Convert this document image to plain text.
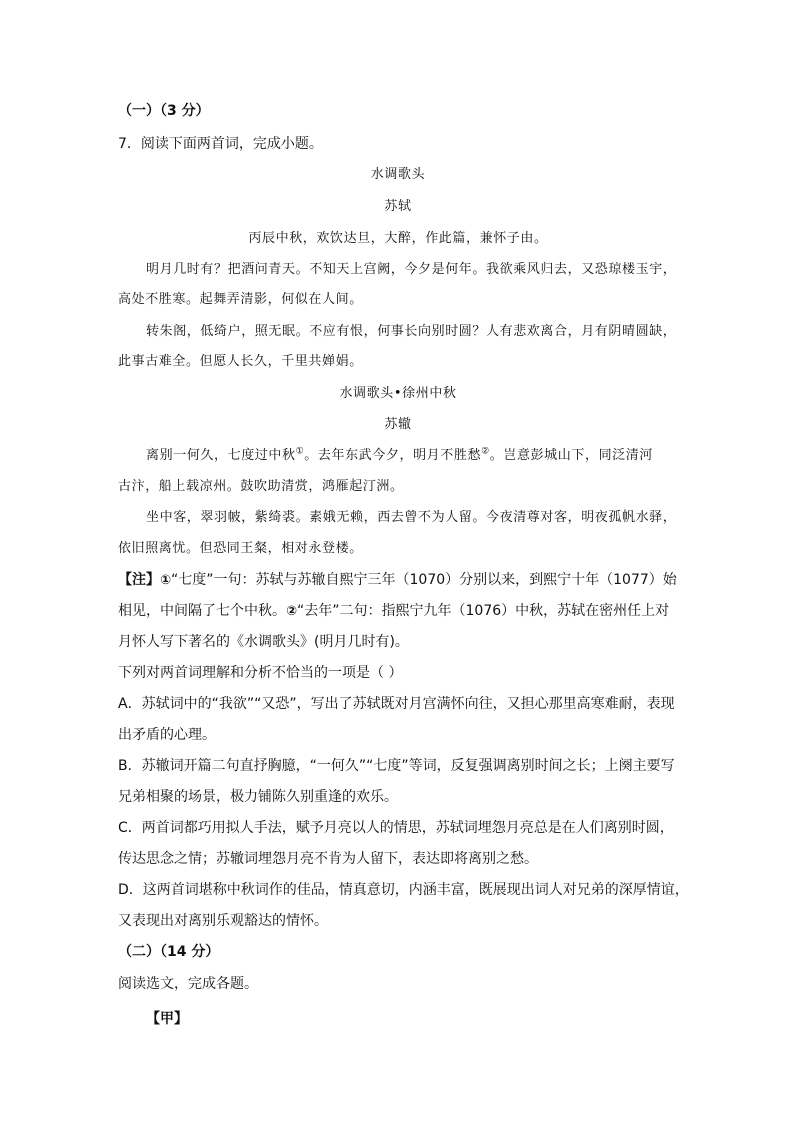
（一）（3 分）
7．阅读下面两首词，完成小题。
水调歌头
苏轼
丙辰中秋，欢饮达旦，大醉，作此篇，兼怀子由。
明月几时有？把酒问青天。不知天上宫阙，今夕是何年。我欲乘风归去，又恐琼楼玉宇，
高处不胜寒。起舞弄清影，何似在人间。
转朱阁，低绮户，照无眠。不应有恨，何事长向别时圆？人有悲欢离合，月有阴晴圆缺，
此事古难全。但愿人长久，千里共婵娟。
水调歌头•徐州中秋
苏辙
离别一何久，七度过中秋①。去年东武今夕，明月不胜愁②。岂意彭城山下，同泛清河
古汴，船上载凉州。鼓吹助清赏，鸿雁起汀洲。
坐中客，翠羽帔，紫绮裘。素娥无赖，西去曾不为人留。今夜清尊对客，明夜孤帆水驿，
依旧照离忧。但恐同王粲，相对永登楼。
【注】①“七度”一句：苏轼与苏辙自熙宁三年（1070）分别以来，到熙宁十年（1077）始
相见，中间隔了七个中秋。②“去年”二句：指熙宁九年（1076）中秋，苏轼在密州任上对
月怀人写下著名的《水调歌头》(明月几时有)。
下列对两首词理解和分析不恰当的一项是（ ）
A．苏轼词中的“我欲”“又恐”，写出了苏轼既对月宫满怀向往，又担心那里高寒难耐，表现
出矛盾的心理。
B．苏辙词开篇二句直抒胸臆，“一何久”“七度”等词，反复强调离别时间之长；上阕主要写
兄弟相聚的场景，极力铺陈久别重逢的欢乐。
C．两首词都巧用拟人手法，赋予月亮以人的情思，苏轼词埋怨月亮总是在人们离别时圆，
传达思念之情；苏辙词埋怨月亮不肯为人留下，表达即将离别之愁。
D．这两首词堪称中秋词作的佳品，情真意切，内涵丰富，既展现出词人对兄弟的深厚情谊，
又表现出对离别乐观豁达的情怀。
（二）（14 分）
阅读选文，完成各题。
【甲】
